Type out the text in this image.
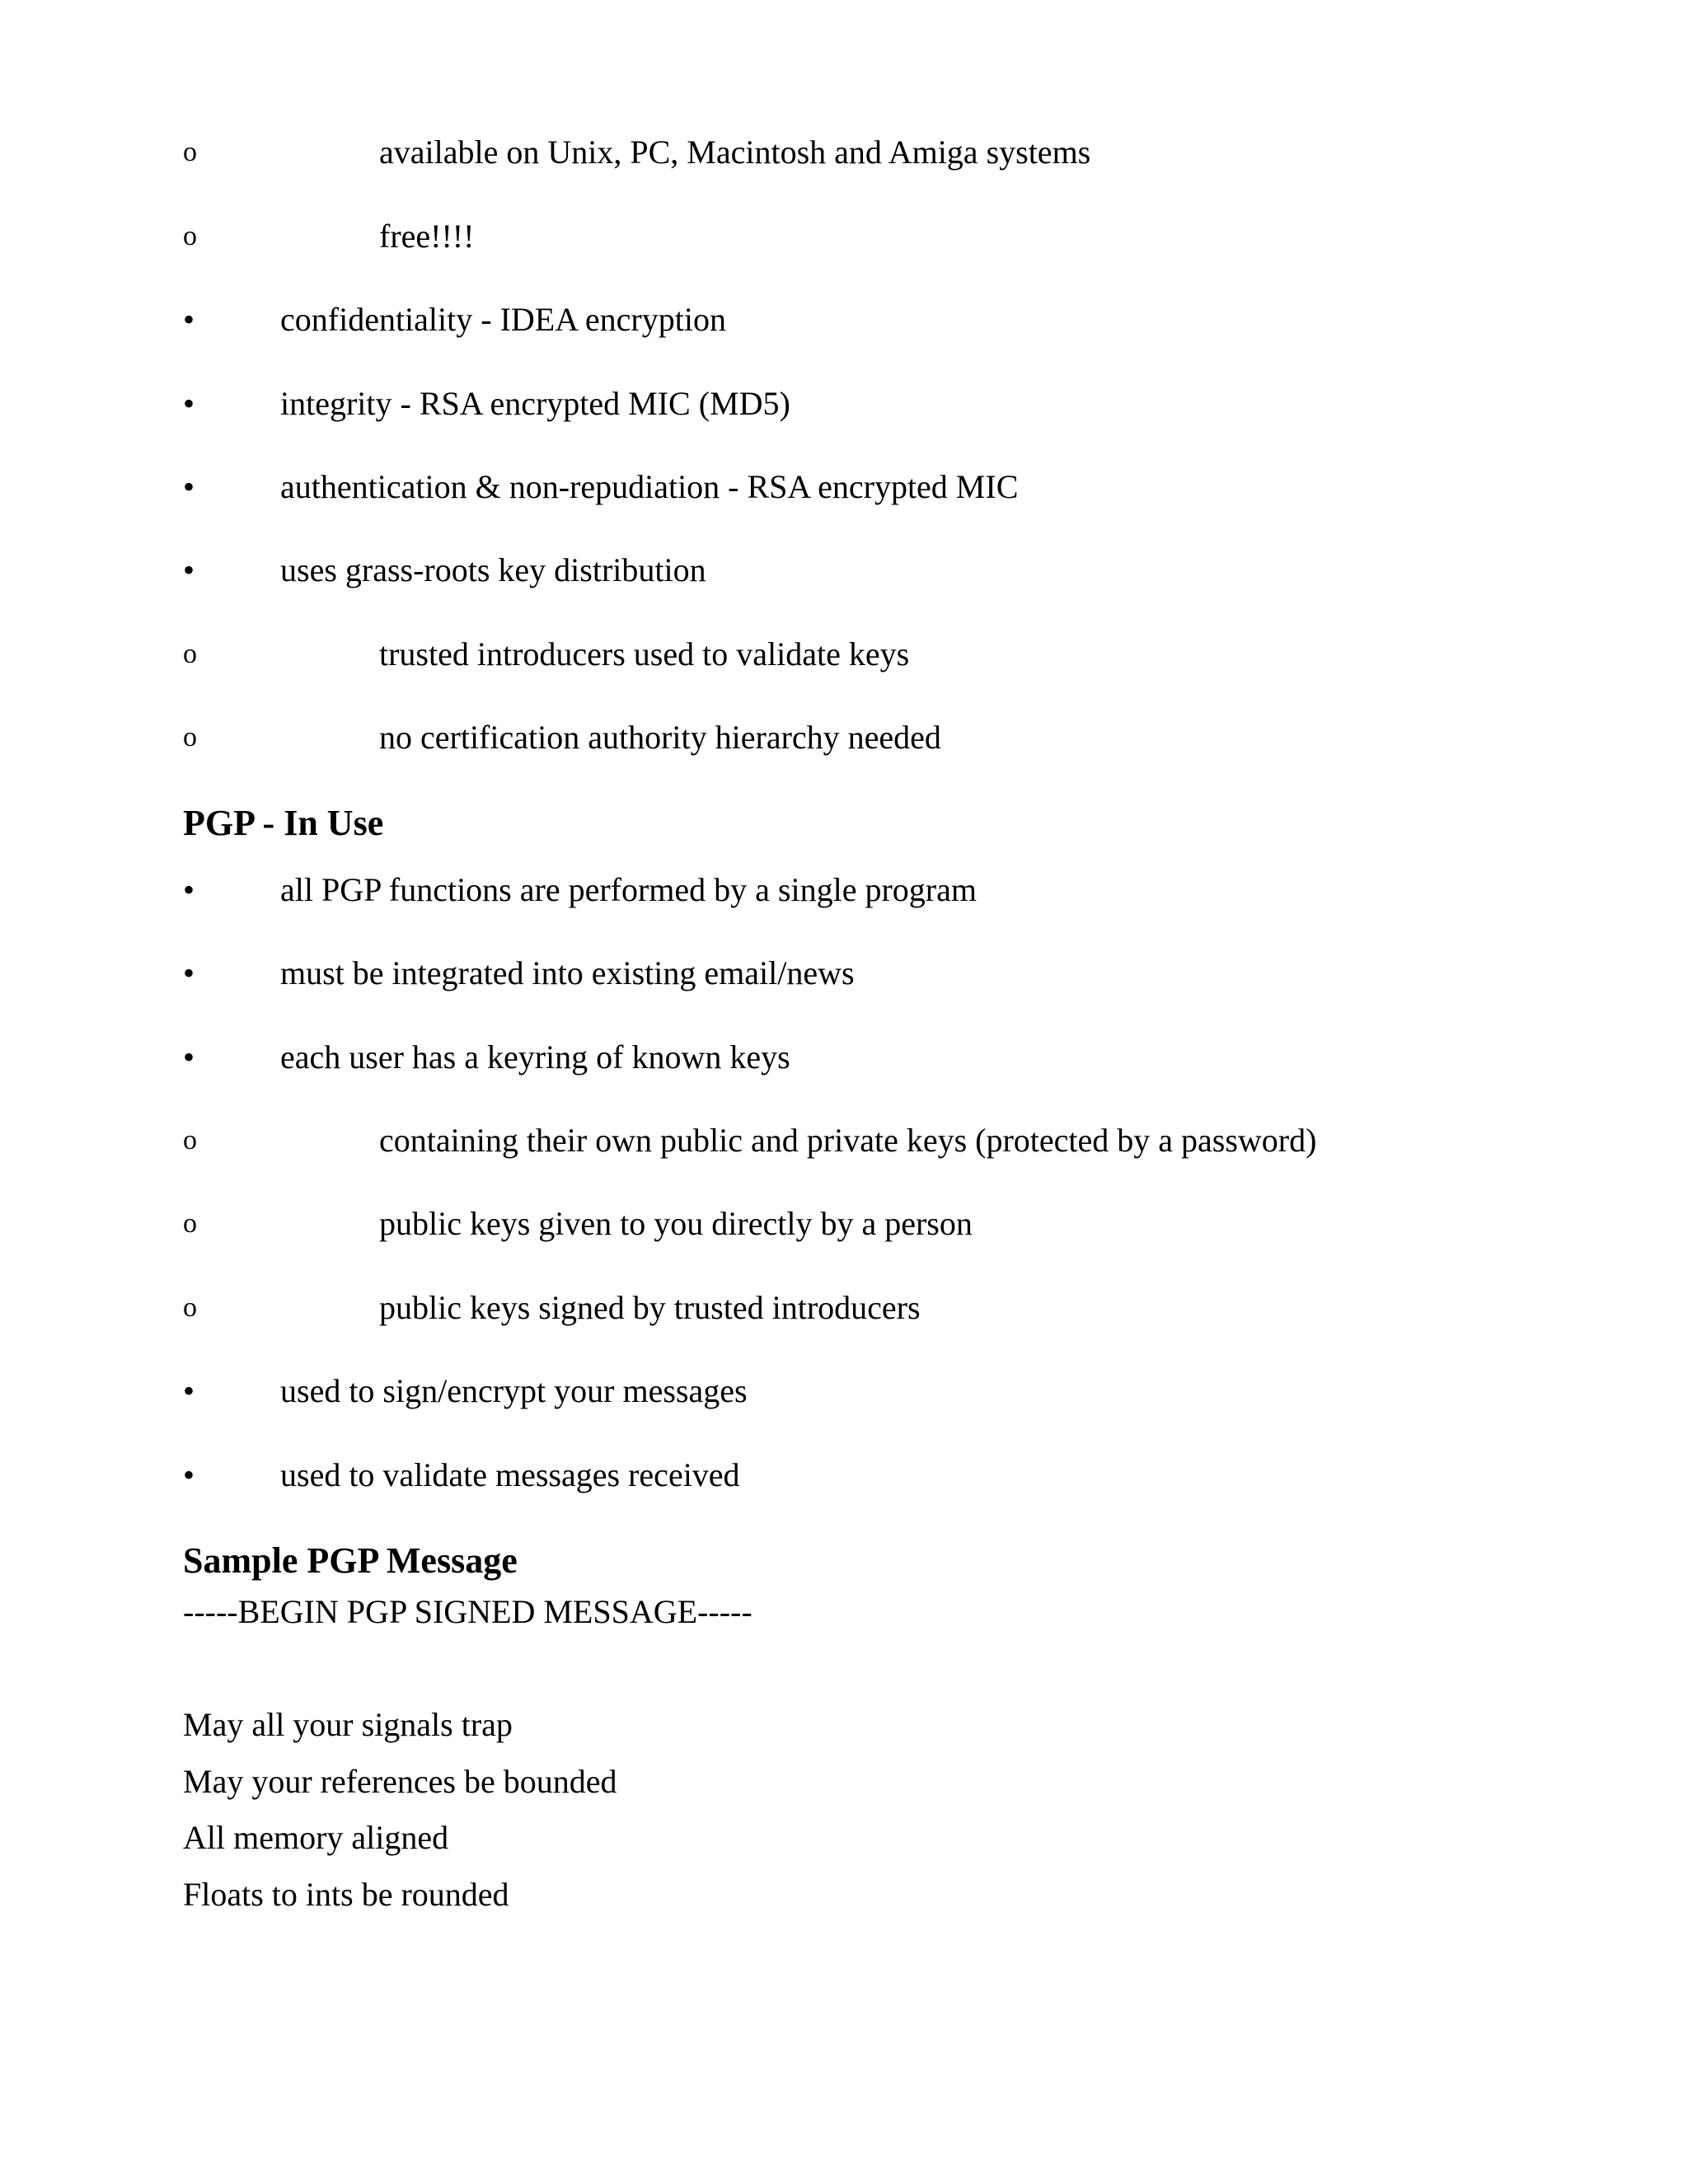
o	available on Unix, PC, Macintosh and Amiga systems
o	free!!!!
•	confidentiality - IDEA encryption
•	integrity - RSA encrypted MIC (MD5)
•	authentication & non-repudiation - RSA encrypted MIC
•	uses grass-roots key distribution
o	trusted introducers used to validate keys
o	no certification authority hierarchy needed
PGP - In Use
•	all PGP functions are performed by a single program
•	must be integrated into existing email/news
•	each user has a keyring of known keys
o	containing their own public and private keys (protected by a password)
o	public keys given to you directly by a person
o	public keys signed by trusted introducers
•	used to sign/encrypt your messages
•	used to validate messages received
Sample PGP Message
-----BEGIN PGP SIGNED MESSAGE-----
May all your signals trap
May your references be bounded
All memory aligned
Floats to ints be rounded
